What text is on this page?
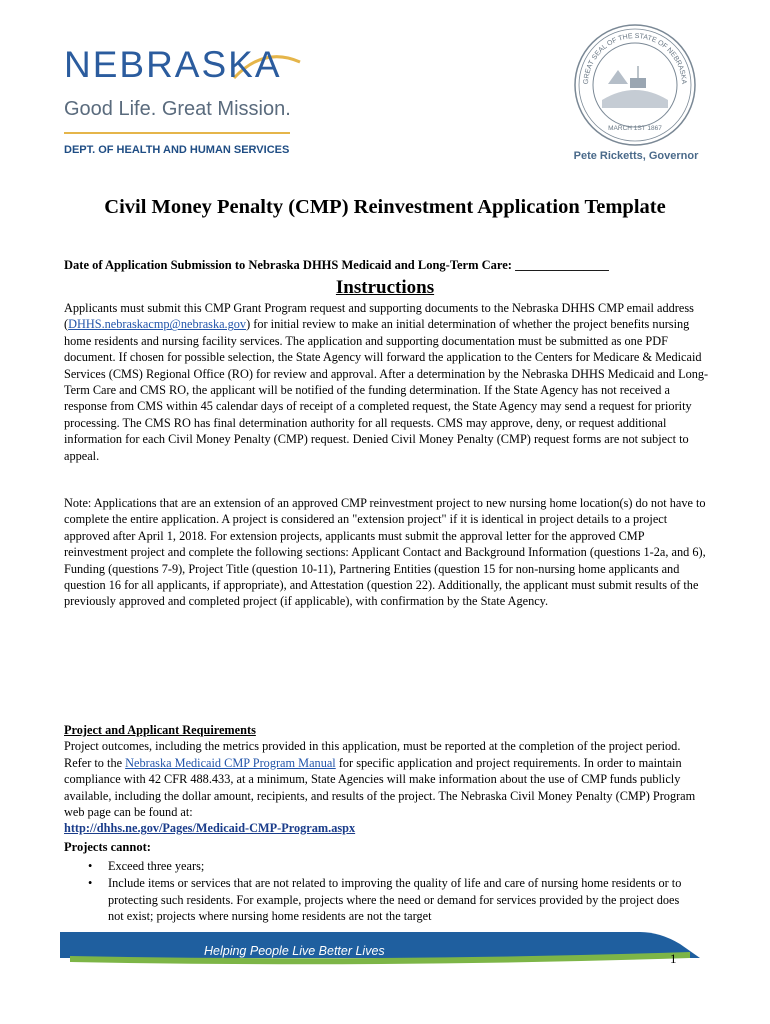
NEBRASKA
Good Life. Great Mission.
DEPT. OF HEALTH AND HUMAN SERVICES
GREAT SEAL OF THE STATE OF NEBRASKA
MARCH 1ST 1867
Pete Ricketts, Governor
Civil Money Penalty (CMP) Reinvestment Application Template
Date of Application Submission to Nebraska DHHS Medicaid and Long-Term Care: _______________
Instructions
Applicants must submit this CMP Grant Program request and supporting documents to the Nebraska DHHS CMP email address (DHHS.nebraskacmp@nebraska.gov) for initial review to make an initial determination of whether the project benefits nursing home residents and nursing facility services. The application and supporting documentation must be submitted as one PDF document. If chosen for possible selection, the State Agency will forward the application to the Centers for Medicare & Medicaid Services (CMS) Regional Office (RO) for review and approval. After a determination by the Nebraska DHHS Medicaid and Long-Term Care and CMS RO, the applicant will be notified of the funding determination. If the State Agency has not received a response from CMS within 45 calendar days of receipt of a completed request, the State Agency may send a request for priority processing. The CMS RO has final determination authority for all requests. CMS may approve, deny, or request additional information for each Civil Money Penalty (CMP) request. Denied Civil Money Penalty (CMP) request forms are not subject to appeal.
Note: Applications that are an extension of an approved CMP reinvestment project to new nursing home location(s) do not have to complete the entire application. A project is considered an "extension project" if it is identical in project details to a project approved after April 1, 2018. For extension projects, applicants must submit the approval letter for the approved CMP reinvestment project and complete the following sections: Applicant Contact and Background Information (questions 1-2a, and 6), Funding (questions 7-9), Project Title (question 10-11), Partnering Entities (question 15 for non-nursing home applicants and question 16 for all applicants, if appropriate), and Attestation (question 22). Additionally, the applicant must submit results of the previously approved and completed project (if applicable), with confirmation by the State Agency.
Project and Applicant Requirements
Project outcomes, including the metrics provided in this application, must be reported at the completion of the project period. Refer to the Nebraska Medicaid CMP Program Manual for specific application and project requirements. In order to maintain compliance with 42 CFR 488.433, at a minimum, State Agencies will make information about the use of CMP funds publicly available, including the dollar amount, recipients, and results of the project. The Nebraska Civil Money Penalty (CMP) Program web page can be found at:
http://dhhs.ne.gov/Pages/Medicaid-CMP-Program.aspx
Projects cannot:
• Exceed three years;
• Include items or services that are not related to improving the quality of life and care of nursing home residents or to protecting such residents. For example, projects where the need or demand for services provided by the project does not exist; projects where nursing home residents are not the target
Helping People Live Better Lives	1
